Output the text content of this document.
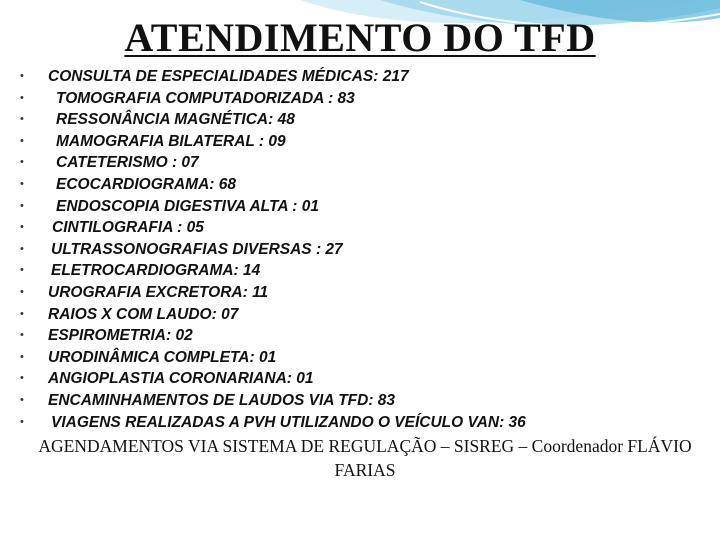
ATENDIMENTO DO TFD
• CONSULTA DE ESPECIALIDADES MÉDICAS: 217
• TOMOGRAFIA COMPUTADORIZADA : 83
• RESSONÂNCIA MAGNÉTICA: 48
• MAMOGRAFIA BILATERAL : 09
• CATETERISMO : 07
• ECOCARDIOGRAMA: 68
• ENDOSCOPIA DIGESTIVA ALTA : 01
• CINTILOGRAFIA : 05
• ULTRASSONOGRAFIAS DIVERSAS : 27
• ELETROCARDIOGRAMA: 14
• UROGRAFIA EXCRETORA: 11
• RAIOS X COM LAUDO: 07
• ESPIROMETRIA: 02
• URODINÂMICA COMPLETA: 01
• ANGIOPLASTIA CORONARIANA: 01
• ENCAMINHAMENTOS DE LAUDOS VIA TFD: 83
• VIAGENS REALIZADAS A PVH UTILIZANDO O VEÍCULO VAN: 36
AGENDAMENTOS VIA SISTEMA DE REGULAÇÃO – SISREG – Coordenador FLÁVIO FARIAS
